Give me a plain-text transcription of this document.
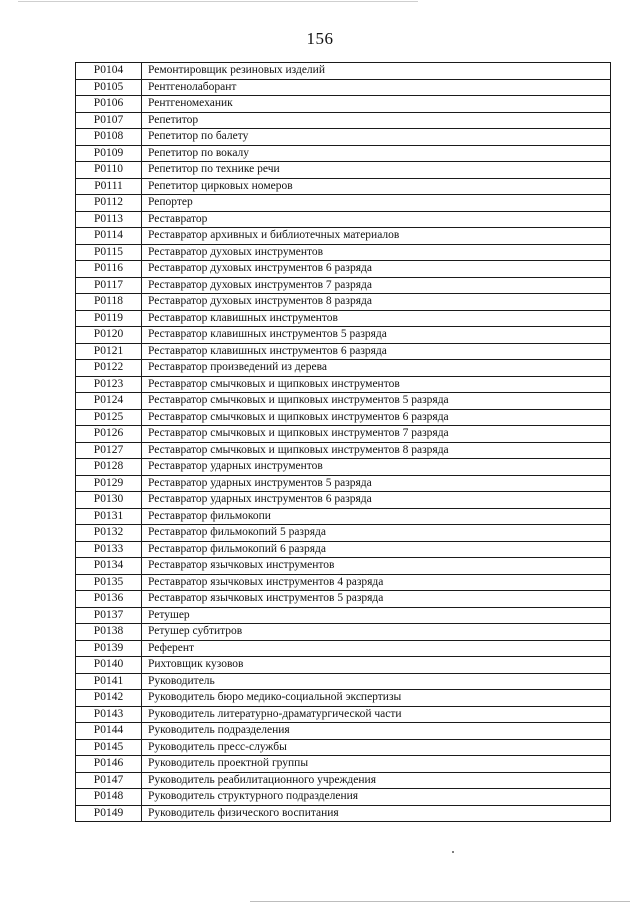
156
P0104	Ремонтировщик резиновых изделий
P0105	Рентгенолаборант
P0106	Рентгеномеханик
P0107	Репетитор
P0108	Репетитор по балету
P0109	Репетитор по вокалу
P0110	Репетитор по технике речи
P0111	Репетитор цирковых номеров
P0112	Репортер
P0113	Реставратор
P0114	Реставратор архивных и библиотечных материалов
P0115	Реставратор духовых инструментов
P0116	Реставратор духовых инструментов 6 разряда
P0117	Реставратор духовых инструментов 7 разряда
P0118	Реставратор духовых инструментов 8 разряда
P0119	Реставратор клавишных инструментов
P0120	Реставратор клавишных инструментов 5 разряда
P0121	Реставратор клавишных инструментов 6 разряда
P0122	Реставратор произведений из дерева
P0123	Реставратор смычковых и щипковых инструментов
P0124	Реставратор смычковых и щипковых инструментов 5 разряда
P0125	Реставратор смычковых и щипковых инструментов 6 разряда
P0126	Реставратор смычковых и щипковых инструментов 7 разряда
P0127	Реставратор смычковых и щипковых инструментов 8 разряда
P0128	Реставратор ударных инструментов
P0129	Реставратор ударных инструментов 5 разряда
P0130	Реставратор ударных инструментов 6 разряда
P0131	Реставратор фильмокопи
P0132	Реставратор фильмокопий 5 разряда
P0133	Реставратор фильмокопий 6 разряда
P0134	Реставратор язычковых инструментов
P0135	Реставратор язычковых инструментов 4 разряда
P0136	Реставратор язычковых инструментов 5 разряда
P0137	Ретушер
P0138	Ретушер субтитров
P0139	Референт
P0140	Рихтовщик кузовов
P0141	Руководитель
P0142	Руководитель бюро медико-социальной экспертизы
P0143	Руководитель литературно-драматургической части
P0144	Руководитель подразделения
P0145	Руководитель пресс-службы
P0146	Руководитель проектной группы
P0147	Руководитель реабилитационного учреждения
P0148	Руководитель структурного подразделения
P0149	Руководитель физического воспитания
